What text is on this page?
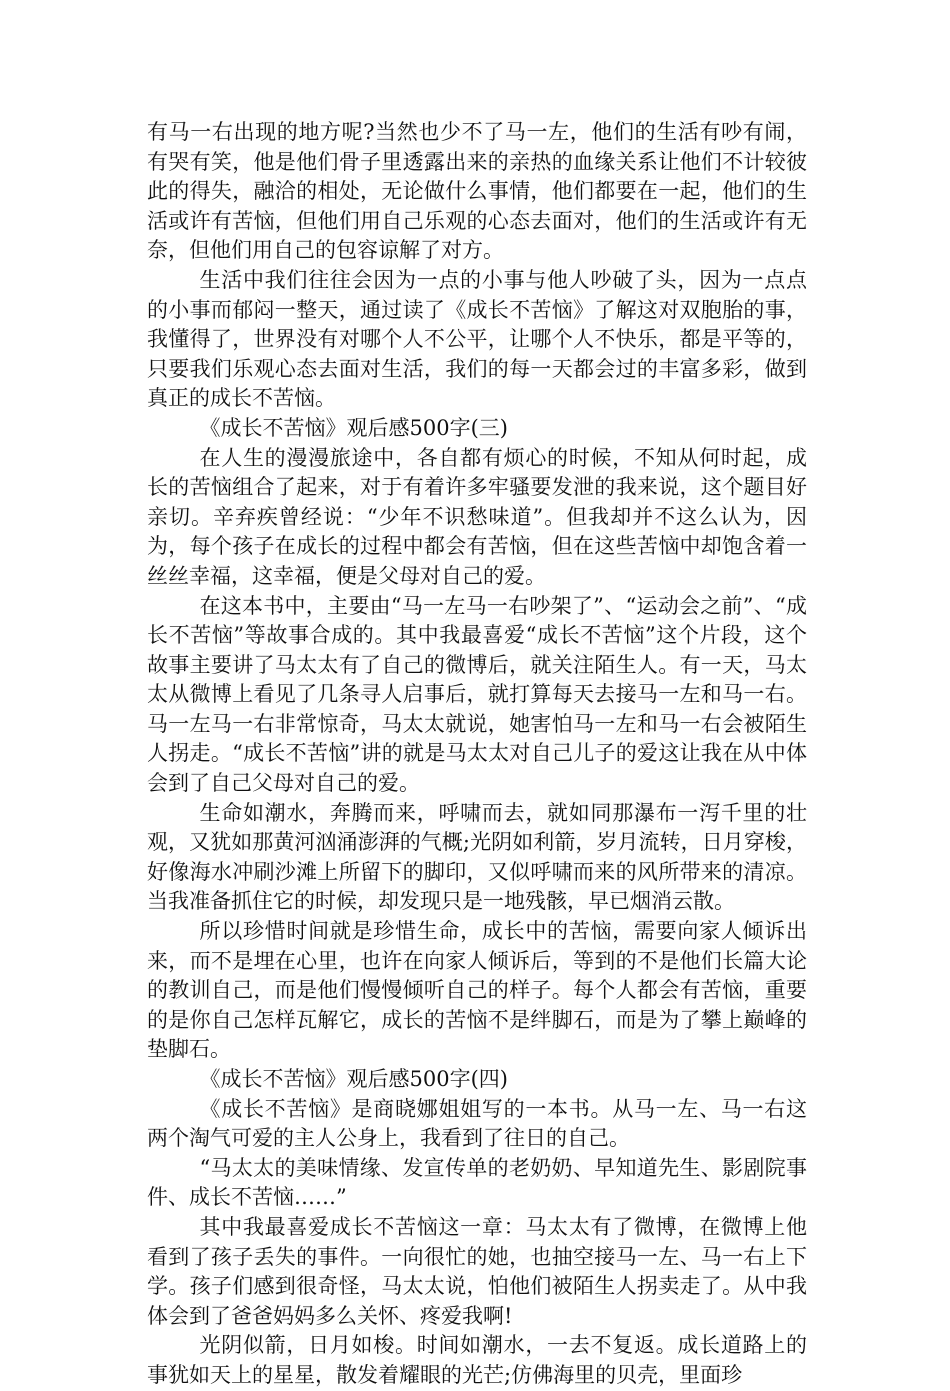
有马一右出现的地方呢?当然也少不了马一左，他们的生活有吵有闹，有哭有笑，他是他们骨子里透露出来的亲热的血缘关系让他们不计较彼此的得失，融洽的相处，无论做什么事情，他们都要在一起，他们的生活或许有苦恼，但他们用自己乐观的心态去面对，他们的生活或许有无奈，但他们用自己的包容谅解了对方。

生活中我们往往会因为一点的小事与他人吵破了头，因为一点点的小事而郁闷一整天，通过读了《成长不苦恼》了解这对双胞胎的事，我懂得了，世界没有对哪个人不公平，让哪个人不快乐，都是平等的，只要我们乐观心态去面对生活，我们的每一天都会过的丰富多彩，做到真正的成长不苦恼。

《成长不苦恼》观后感500字(三)

在人生的漫漫旅途中，各自都有烦心的时候，不知从何时起，成长的苦恼组合了起来，对于有着许多牢骚要发泄的我来说，这个题目好亲切。辛弃疾曾经说：“少年不识愁味道”。但我却并不这么认为，因为，每个孩子在成长的过程中都会有苦恼，但在这些苦恼中却饱含着一丝丝幸福，这幸福，便是父母对自己的爱。

在这本书中，主要由“马一左马一右吵架了”、“运动会之前”、“成长不苦恼”等故事合成的。其中我最喜爱“成长不苦恼”这个片段，这个故事主要讲了马太太有了自己的微博后，就关注陌生人。有一天，马太太从微博上看见了几条寻人启事后，就打算每天去接马一左和马一右。马一左马一右非常惊奇，马太太就说，她害怕马一左和马一右会被陌生人拐走。“成长不苦恼”讲的就是马太太对自己儿子的爱这让我在从中体会到了自己父母对自己的爱。

生命如潮水，奔腾而来，呼啸而去，就如同那瀑布一泻千里的壮观，又犹如那黄河汹涌澎湃的气概;光阴如利箭，岁月流转，日月穿梭，好像海水冲刷沙滩上所留下的脚印，又似呼啸而来的风所带来的清凉。当我准备抓住它的时候，却发现只是一地残骸，早已烟消云散。

所以珍惜时间就是珍惜生命，成长中的苦恼，需要向家人倾诉出来，而不是埋在心里，也许在向家人倾诉后，等到的不是他们长篇大论的教训自己，而是他们慢慢倾听自己的样子。每个人都会有苦恼，重要的是你自己怎样瓦解它，成长的苦恼不是绊脚石，而是为了攀上巅峰的垫脚石。

《成长不苦恼》观后感500字(四)

《成长不苦恼》是商晓娜姐姐写的一本书。从马一左、马一右这两个淘气可爱的主人公身上，我看到了往日的自己。

“马太太的美味情缘、发宣传单的老奶奶、早知道先生、影剧院事件、成长不苦恼……”

其中我最喜爱成长不苦恼这一章：马太太有了微博，在微博上他看到了孩子丢失的事件。一向很忙的她，也抽空接马一左、马一右上下学。孩子们感到很奇怪，马太太说，怕他们被陌生人拐卖走了。从中我体会到了爸爸妈妈多么关怀、疼爱我啊!

光阴似箭，日月如梭。时间如潮水，一去不复返。成长道路上的事犹如天上的星星，散发着耀眼的光芒;仿佛海里的贝壳，里面珍
